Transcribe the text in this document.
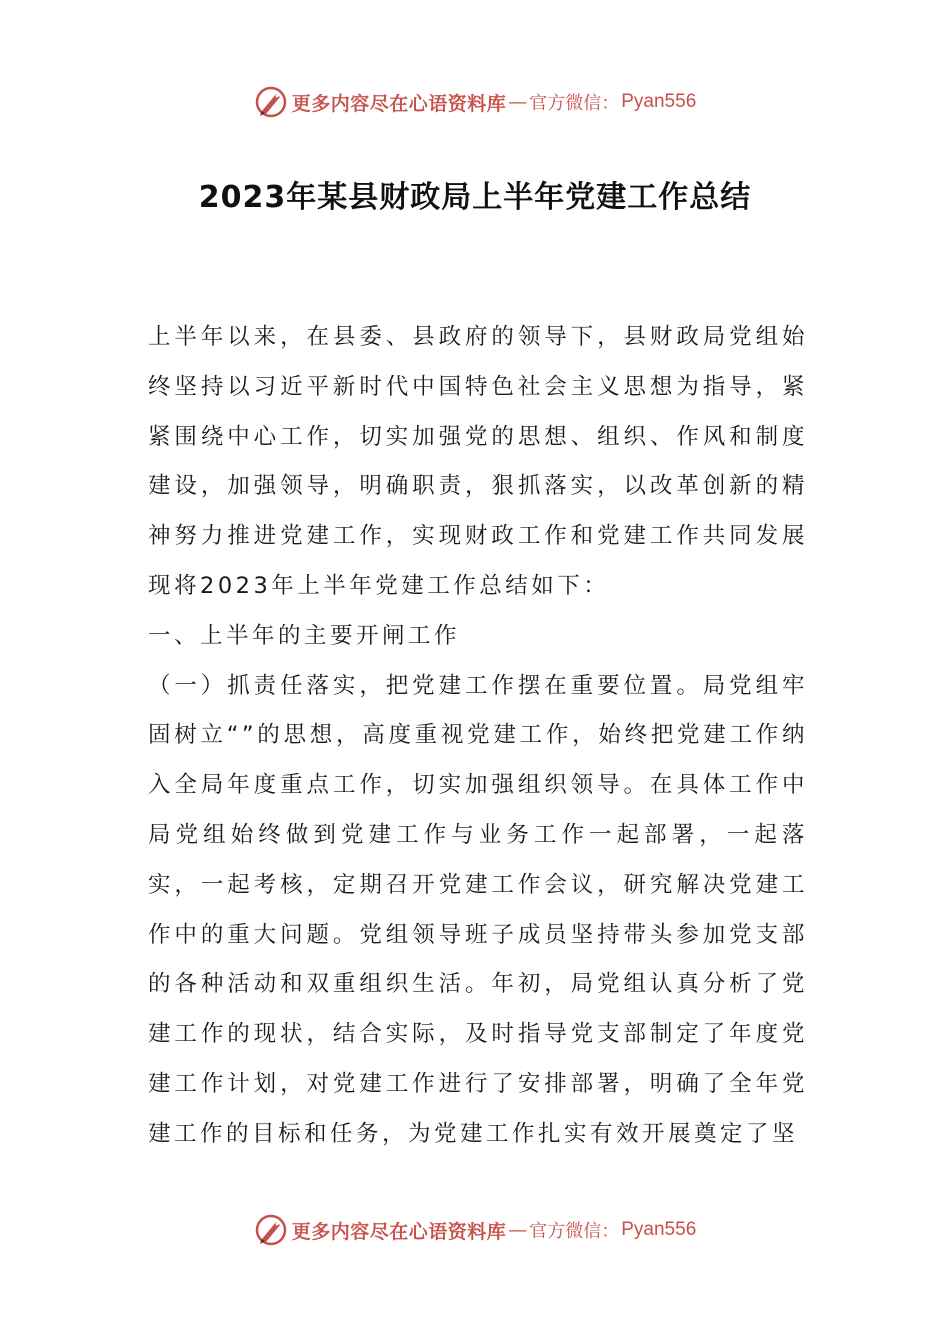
更多内容尽在心语资料库 — 官方微信： Pyan556
2023年某县财政局上半年党建工作总结

上半年以来，在县委、县政府的领导下，县财政局党组始终坚持以习近平新时代中国特色社会主义思想为指导，紧紧围绕中心工作，切实加强党的思想、组织、作风和制度建设，加强领导，明确职责，狠抓落实，以改革创新的精神努力推进党建工作，实现财政工作和党建工作共同发展现将2023年上半年党建工作总结如下：

一、上半年的主要开闸工作

（一）抓责任落实，把党建工作摆在重要位置。局党组牢固树立“”的思想，高度重视党建工作，始终把党建工作纳入全局年度重点工作，切实加强组织领导。在具体工作中局党组始终做到党建工作与业务工作一起部署，一起落实，一起考核，定期召开党建工作会议，研究解决党建工作中的重大问题。党组领导班子成员坚持带头参加党支部的各种活动和双重组织生活。年初，局党组认真分析了党建工作的现状，结合实际，及时指导党支部制定了年度党建工作计划，对党建工作进行了安排部署，明确了全年党建工作的目标和任务，为党建工作扎实有效开展奠定了坚

更多内容尽在心语资料库 — 官方微信： Pyan556
